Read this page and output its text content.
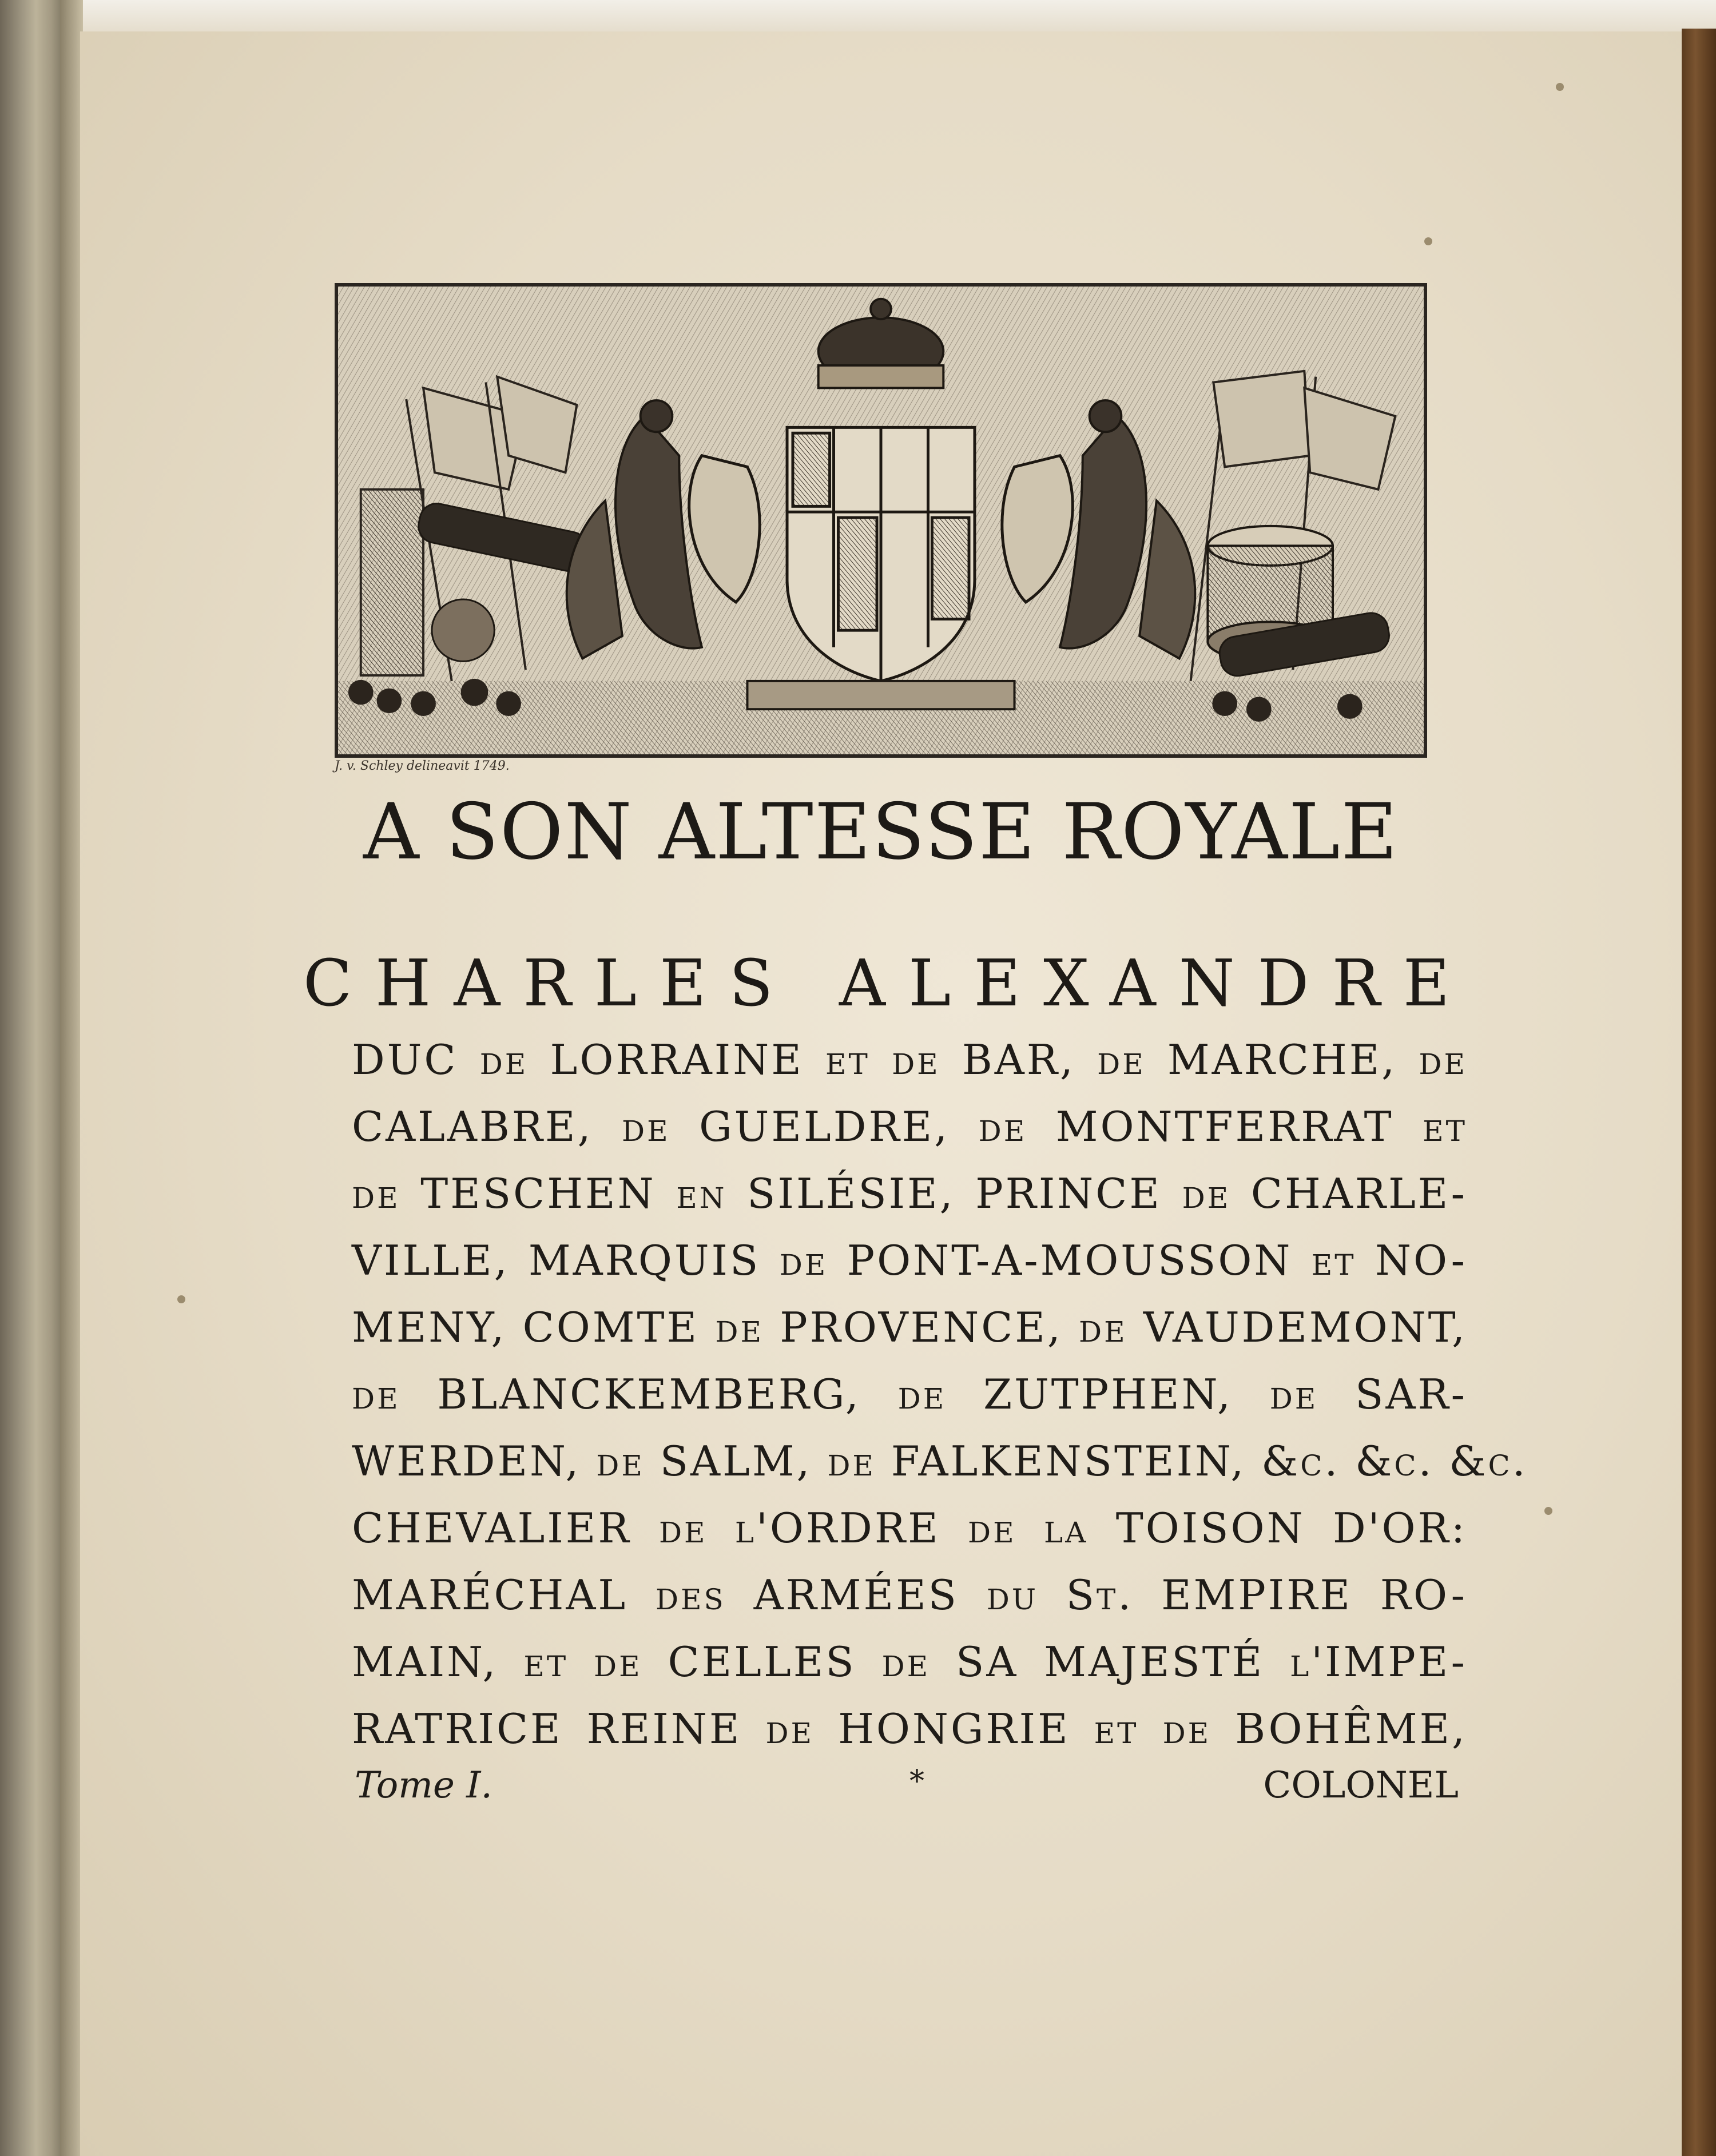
J. v. Schley delineavit 1749.
A SON ALTESSE ROYALE
CHARLES ALEXANDRE
DUC de LORRAINE et de BAR, de MARCHE, de
CALABRE, de GUELDRE, de MONTFERRAT et
de TESCHEN en SILÉSIE, PRINCE de CHARLE-
VILLE, MARQUIS de PONT-A-MOUSSON et NO-
MENY, COMTE de PROVENCE, de VAUDEMONT,
de BLANCKEMBERG, de ZUTPHEN, de SAR-
WERDEN, de SALM, de FALKENSTEIN, &c. &c. &c.
CHEVALIER de l'ORDRE de la TOISON D'OR:
MARÉCHAL des ARMÉES du St. EMPIRE RO-
MAIN, et de CELLES de SA MAJESTÉ l'IMPE-
RATRICE REINE de HONGRIE et de BOHÊME,
Tome I.	*	COLONEL
